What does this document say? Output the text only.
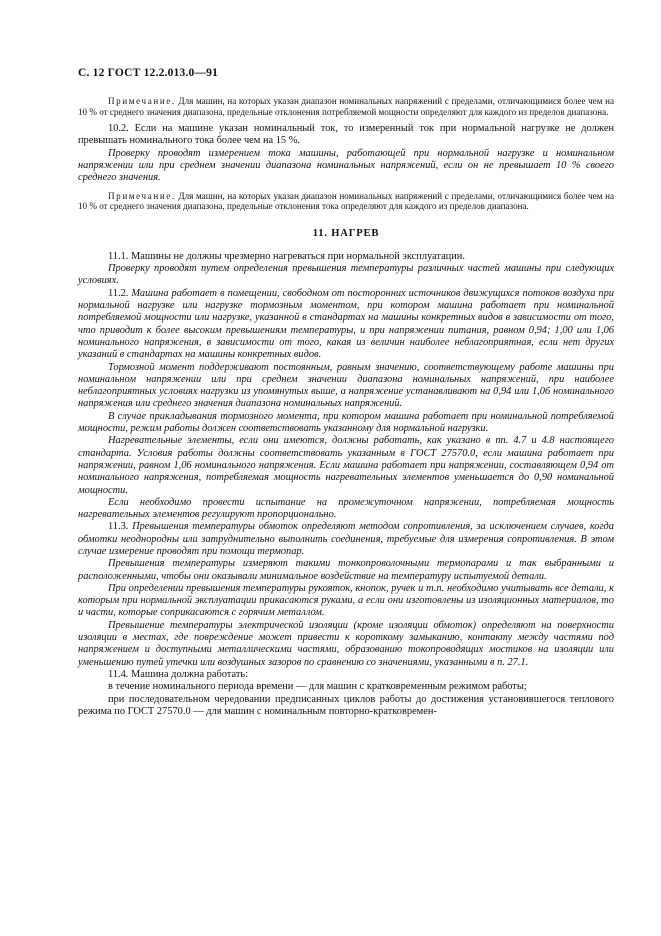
С. 12 ГОСТ 12.2.013.0—91

Примечание. Для машин, на которых указан диапазон номинальных напряжений с пределами, отличающимися более чем на 10 % от среднего значения диапазона, предельные отклонения потребляемой мощности определяют для каждого из пределов диапазона.

10.2. Если на машине указан номинальный ток, то измеренный ток при нормальной нагрузке не должен превышать номинального тока более чем на 15 %.

Проверку проводят измерением тока машины, работающей при нормальной нагрузке и номинальном напряжении или при среднем значении диапазона номинальных напряжений, если он не превышает 10 % своего среднего значения.

Примечание. Для машин, на которых указан диапазон номинальных напряжений с пределами, отличающимися более чем на 10 % от среднего значения диапазона, предельные отклонения тока определяют для каждого из пределов диапазона.

11. НАГРЕВ

11.1. Машины не должны чрезмерно нагреваться при нормальной эксплуатации.

Проверку проводят путем определения превышения температуры различных частей машины при следующих условиях.

11.2. Машина работает в помещении, свободном от посторонних источников движущихся потоков воздуха при нормальной нагрузке или нагрузке тормозным моментом, при котором машина работает при номинальной потребляемой мощности или нагрузке, указанной в стандартах на машины конкретных видов в зависимости от того, что приводит к более высоким превышениям температуры, и при напряжении питания, равном 0,94; 1,00 или 1,06 номинального напряжения, в зависимости от того, какая из величин наиболее неблагоприятная, если нет других указаний в стандартах на машины конкретных видов.

Тормозной момент поддерживают постоянным, равным значению, соответствующему работе машины при номинальном напряжении или при среднем значении диапазона номинальных напряжений, при наиболее неблагоприятных условиях нагрузки из упомянутых выше, а напряжение устанавливают на 0,94 или 1,06 номинального напряжения или среднего значения диапазона номинальных напряжений.

В случае прикладывания тормозного момента, при котором машина работает при номинальной потребляемой мощности, режим работы должен соответствовать указанному для нормальной нагрузки.

Нагревательные элементы, если они имеются, должны работать, как указано в пп. 4.7 и 4.8 настоящего стандарта. Условия работы должны соответствовать указанным в ГОСТ 27570.0, если машина работает при напряжении, равном 1,06 номинального напряжения. Если машина работает при напряжении, составляющем 0,94 от номинального напряжения, потребляемая мощность нагревательных элементов уменьшается до 0,90 номинальной мощности.

Если необходимо провести испытание на промежуточном напряжении, потребляемая мощность нагревательных элементов регулируют пропорционально.

11.3. Превышения температуры обмоток определяют методом сопротивления, за исключением случаев, когда обмотки неоднородны или затруднительно выполнить соединения, требуемые для измерения сопротивления. В этом случае измерение проводят при помощи термопар.

Превышения температуры измеряют такими тонкопроволочными термопарами и так выбранными и расположенными, чтобы они оказывали минимальное воздействие на температуру испытуемой детали.

При определении превышения температуры рукояток, кнопок, ручек и т.п. необходимо учитывать все детали, к которым при нормальной эксплуатации прикасаются руками, а если они изготовлены из изоляционных материалов, то и части, которые соприкасаются с горячим металлом.

Превышение температуры электрической изоляции (кроме изоляции обмоток) определяют на поверхности изоляции в местах, где повреждение может привести к короткому замыканию, контакту между частями под напряжением и доступными металлическими частями, образованию токопроводящих мостиков на изоляции или уменьшению путей утечки или воздушных зазоров по сравнению со значениями, указанными в п. 27.1.

11.4. Машина должна работать:

в течение номинального периода времени — для машин с кратковременным режимом работы;

при последовательном чередовании предписанных циклов работы до достижения установившегося теплового режима по ГОСТ 27570.0 — для машин с номинальным повторно-кратковремен-
